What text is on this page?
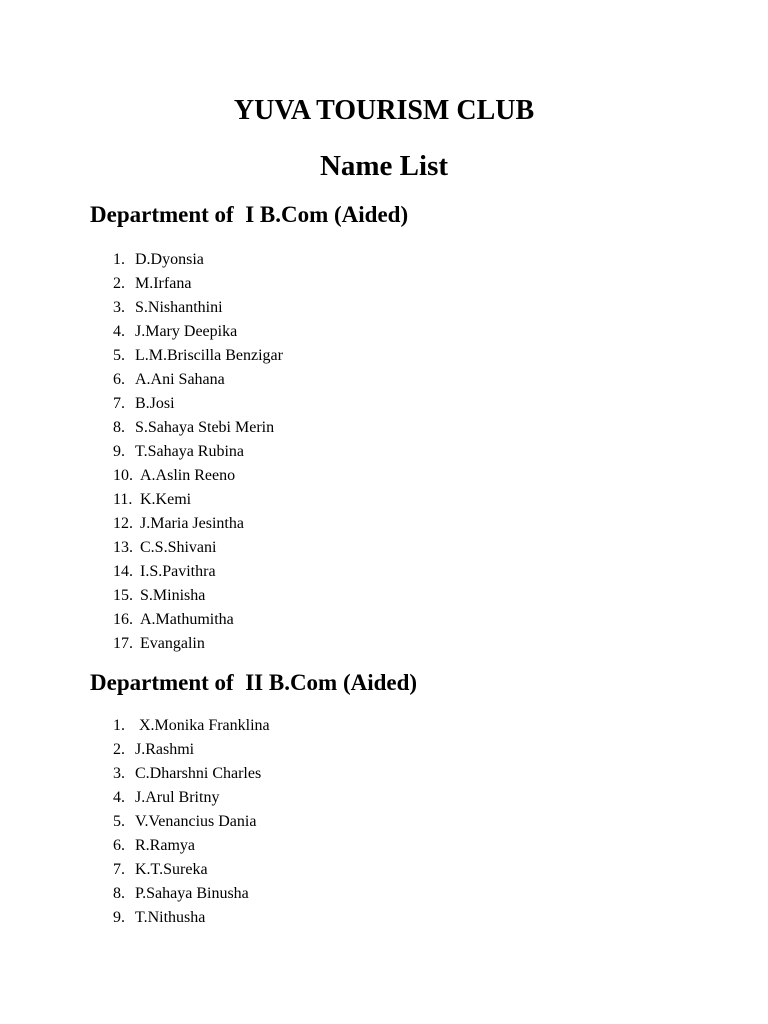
YUVA TOURISM CLUB
Name List
Department of  I B.Com (Aided)
1. D.Dyonsia
2. M.Irfana
3. S.Nishanthini
4. J.Mary Deepika
5. L.M.Briscilla Benzigar
6. A.Ani Sahana
7. B.Josi
8. S.Sahaya Stebi Merin
9. T.Sahaya Rubina
10. A.Aslin Reeno
11. K.Kemi
12. J.Maria Jesintha
13. C.S.Shivani
14. I.S.Pavithra
15. S.Minisha
16. A.Mathumitha
17. Evangalin
Department of  II B.Com (Aided)
1. X.Monika Franklina
2. J.Rashmi
3. C.Dharshni Charles
4. J.Arul Britny
5. V.Venancius Dania
6. R.Ramya
7. K.T.Sureka
8. P.Sahaya Binusha
9. T.Nithusha
